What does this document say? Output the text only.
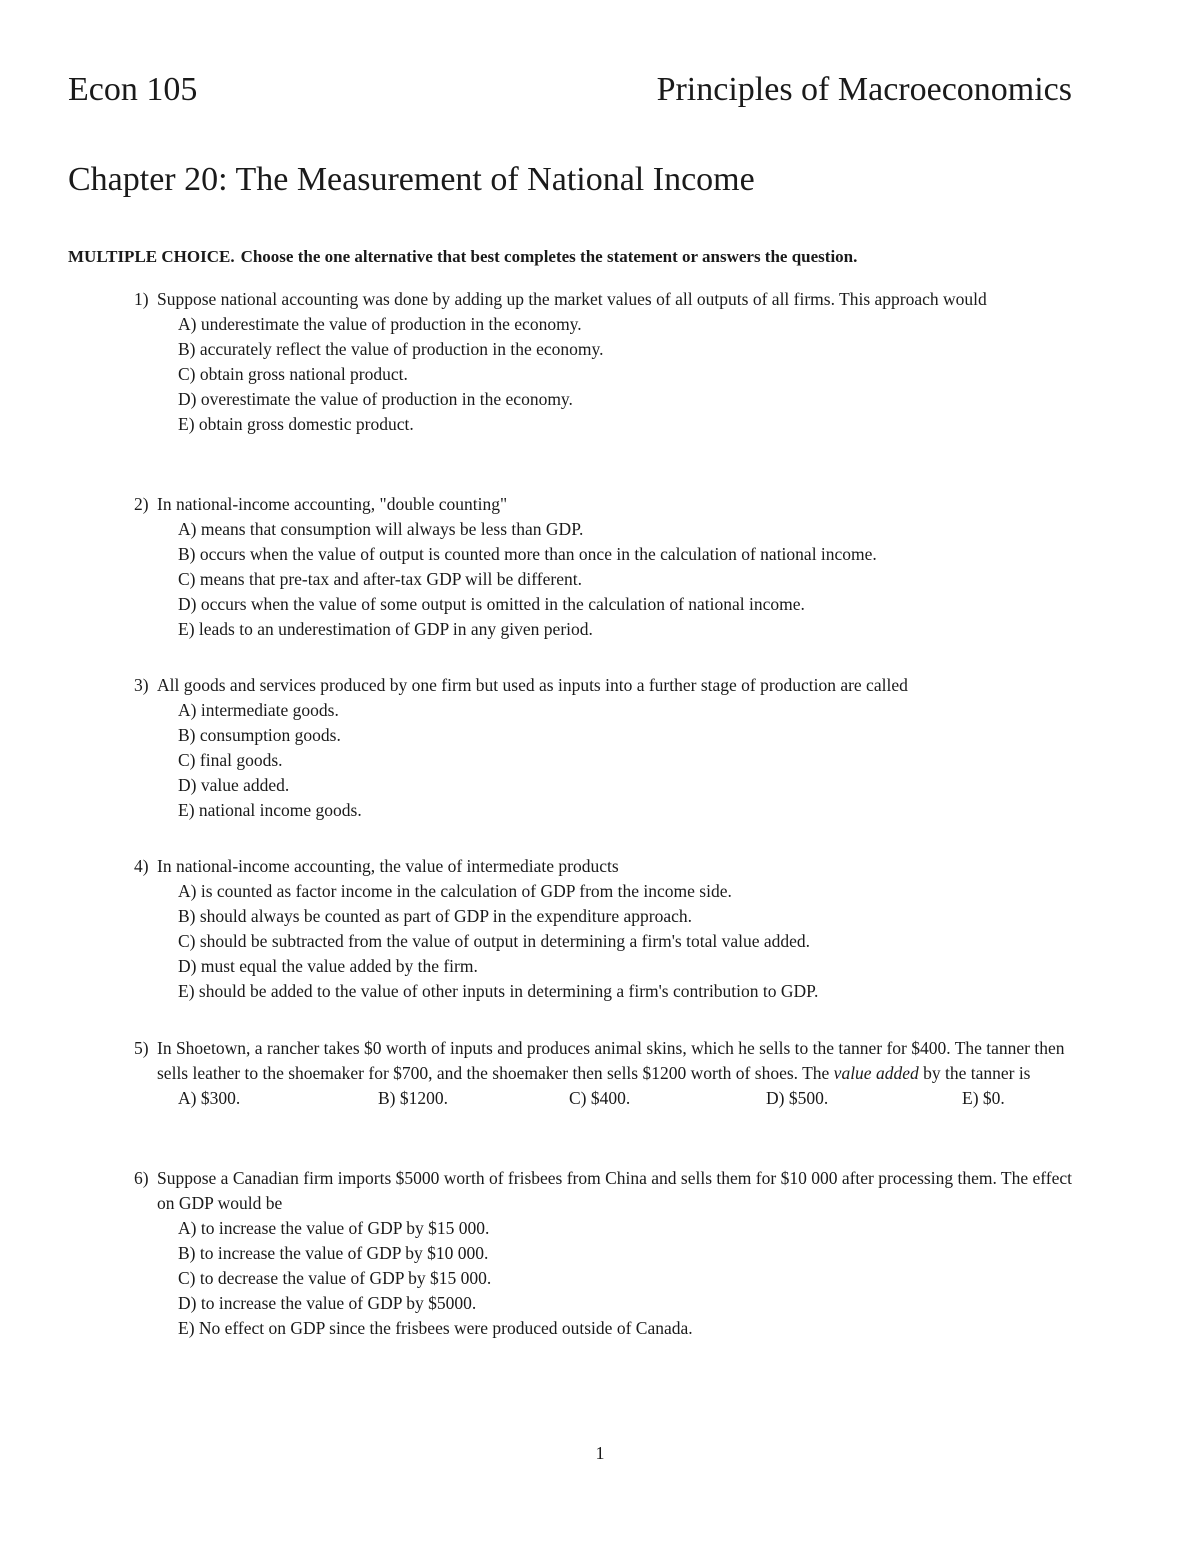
Econ 105	Principles of Macroeconomics
Chapter 20: The Measurement of National Income
MULTIPLE CHOICE. Choose the one alternative that best completes the statement or answers the question.
1) Suppose national accounting was done by adding up the market values of all outputs of all firms. This approach would
A) underestimate the value of production in the economy.
B) accurately reflect the value of production in the economy.
C) obtain gross national product.
D) overestimate the value of production in the economy.
E) obtain gross domestic product.
2) In national-income accounting, "double counting"
A) means that consumption will always be less than GDP.
B) occurs when the value of output is counted more than once in the calculation of national income.
C) means that pre-tax and after-tax GDP will be different.
D) occurs when the value of some output is omitted in the calculation of national income.
E) leads to an underestimation of GDP in any given period.
3) All goods and services produced by one firm but used as inputs into a further stage of production are called
A) intermediate goods.
B) consumption goods.
C) final goods.
D) value added.
E) national income goods.
4) In national-income accounting, the value of intermediate products
A) is counted as factor income in the calculation of GDP from the income side.
B) should always be counted as part of GDP in the expenditure approach.
C) should be subtracted from the value of output in determining a firm's total value added.
D) must equal the value added by the firm.
E) should be added to the value of other inputs in determining a firm's contribution to GDP.
5) In Shoetown, a rancher takes $0 worth of inputs and produces animal skins, which he sells to the tanner for $400. The tanner then sells leather to the shoemaker for $700, and the shoemaker then sells $1200 worth of shoes. The value added by the tanner is
A) $300.	B) $1200.	C) $400.	D) $500.	E) $0.
6) Suppose a Canadian firm imports $5000 worth of frisbees from China and sells them for $10 000 after processing them. The effect on GDP would be
A) to increase the value of GDP by $15 000.
B) to increase the value of GDP by $10 000.
C) to decrease the value of GDP by $15 000.
D) to increase the value of GDP by $5000.
E) No effect on GDP since the frisbees were produced outside of Canada.
1
